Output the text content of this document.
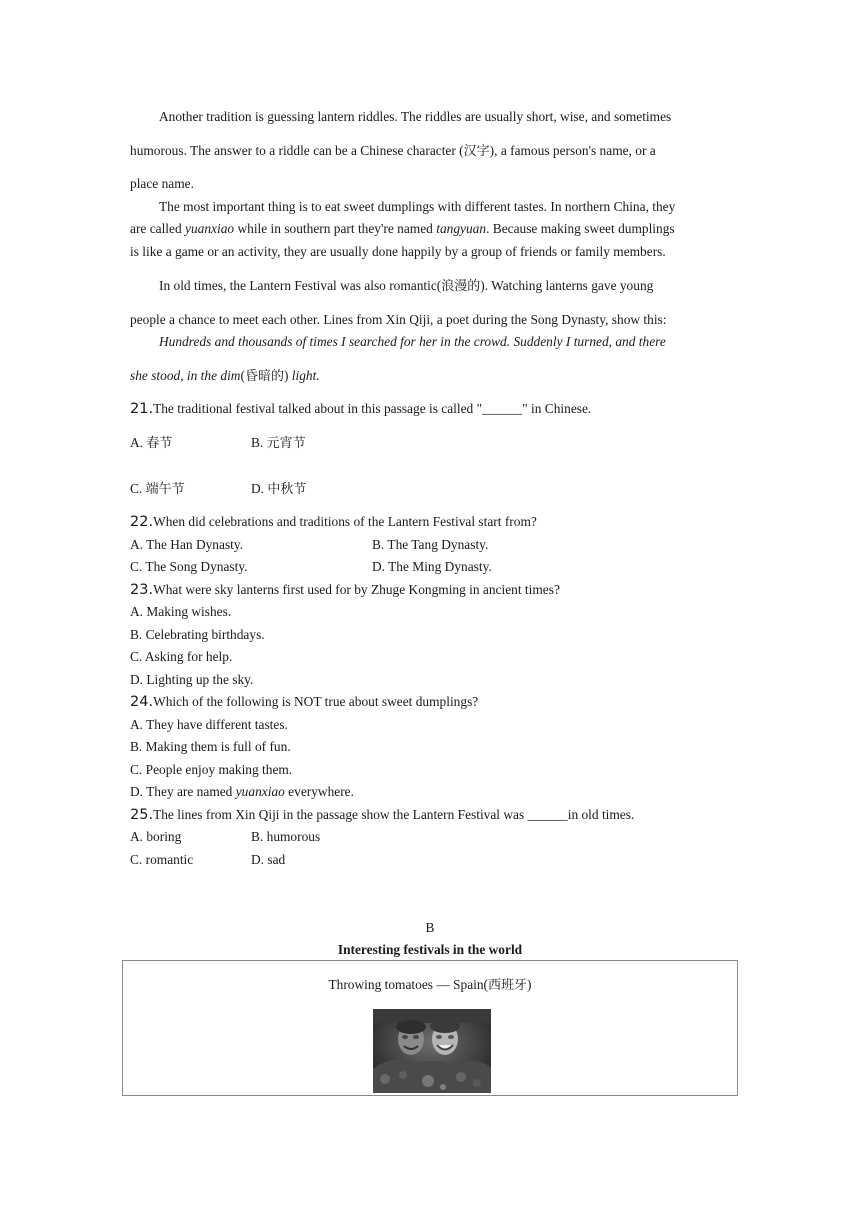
Another tradition is guessing lantern riddles. The riddles are usually short, wise, and sometimes
humorous. The answer to a riddle can be a Chinese character (汉字), a famous person's name, or a
place name.
The most important thing is to eat sweet dumplings with different tastes. In northern China, they
are called yuanxiao while in southern part they're named tangyuan. Because making sweet dumplings
is like a game or an activity, they are usually done happily by a group of friends or family members.
In old times, the Lantern Festival was also romantic(浪漫的). Watching lanterns gave young
people a chance to meet each other. Lines from Xin Qiji, a poet during the Song Dynasty, show this:
Hundreds and thousands of times I searched for her in the crowd. Suddenly I turned, and there
she stood, in the dim(昏暗的) light.
21.The traditional festival talked about in this passage is called "______" in Chinese.
A. 春节	B. 元宵节
C. 端午节	D. 中秋节
22.When did celebrations and traditions of the Lantern Festival start from?
A. The Han Dynasty.	B. The Tang Dynasty.
C. The Song Dynasty.	D. The Ming Dynasty.
23.What were sky lanterns first used for by Zhuge Kongming in ancient times?
A. Making wishes.
B. Celebrating birthdays.
C. Asking for help.
D. Lighting up the sky.
24.Which of the following is NOT true about sweet dumplings?
A. They have different tastes.
B. Making them is full of fun.
C. People enjoy making them.
D. They are named yuanxiao everywhere.
25.The lines from Xin Qiji in the passage show the Lantern Festival was ______in old times.
A. boring	B. humorous
C. romantic	D. sad
B
Interesting festivals in the world
Throwing tomatoes — Spain(西班牙)
